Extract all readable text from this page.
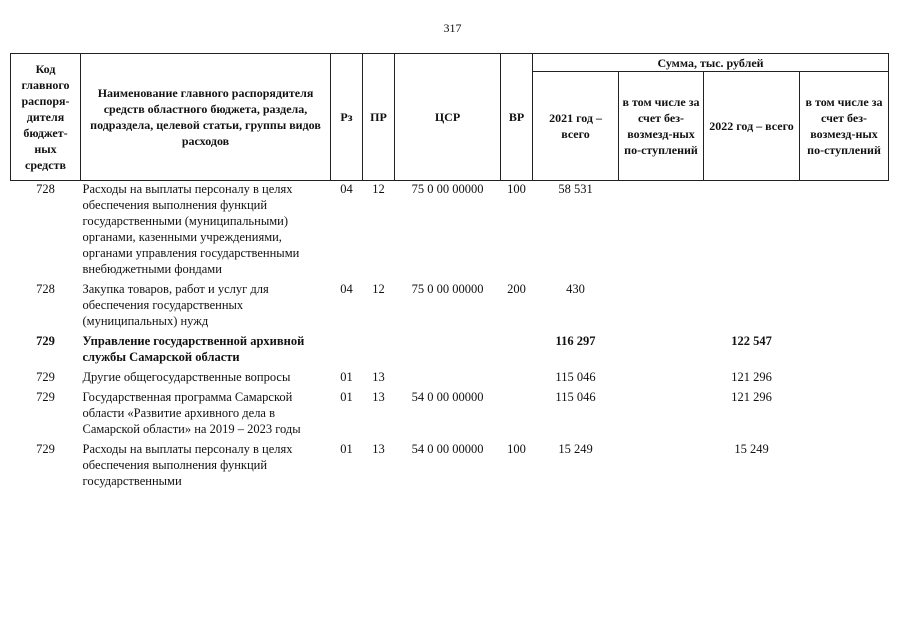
317
Код главного распоря-дителя бюджет-ных средств	Наименование главного распорядителя средств областного бюджета, раздела, подраздела, целевой статьи, группы видов расходов	Рз	ПР	ЦСР	ВР	Сумма, тыс. рублей			
						2021 год – всего	в том числе за счет без-возмезд-ных по-ступлений	2022 год – всего	в том числе за счет без-возмезд-ных по-ступлений
728	Расходы на выплаты персоналу в целях обеспечения выполнения функций государственными (муниципальными) органами, казенными учреждениями, органами управления государственными внебюджетными фондами	04	12	75 0 00 00000	100	58 531			
728	Закупка товаров, работ и услуг для обеспечения государственных (муниципальных) нужд	04	12	75 0 00 00000	200	430			
729	Управление государственной архивной службы Самарской области					116 297		122 547	
729	Другие общегосударственные вопросы	01	13			115 046		121 296	
729	Государственная программа Самарской области «Развитие архивного дела в Самарской области» на 2019 – 2023 годы	01	13	54 0 00 00000		115 046		121 296	
729	Расходы на выплаты персоналу в целях обеспечения выполнения функций государственными	01	13	54 0 00 00000	100	15 249		15 249	
